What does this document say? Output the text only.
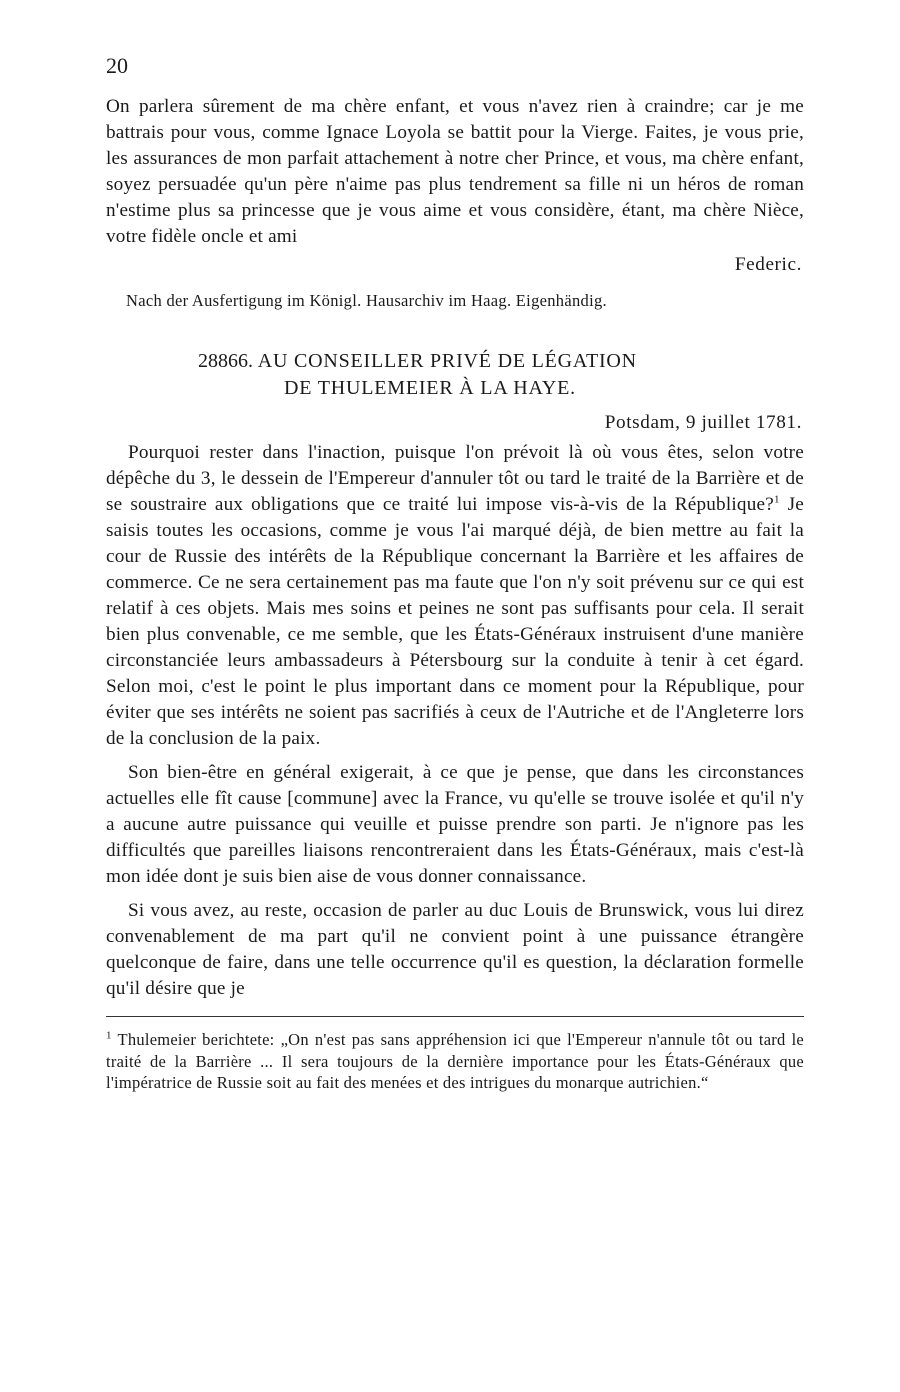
20

On parlera sûrement de ma chère enfant, et vous n'avez rien à craindre; car je me battrais pour vous, comme Ignace Loyola se battit pour la Vierge. Faites, je vous prie, les assurances de mon parfait attachement à notre cher Prince, et vous, ma chère enfant, soyez persuadée qu'un père n'aime pas plus tendrement sa fille ni un héros de roman n'estime plus sa princesse que je vous aime et vous considère, étant, ma chère Nièce, votre fidèle oncle et ami

Federic.
Nach der Ausfertigung im Königl. Hausarchiv im Haag. Eigenhändig.
28866. AU CONSEILLER PRIVÉ DE LÉGATION
DE THULEMEIER À LA HAYE.
Potsdam, 9 juillet 1781.

Pourquoi rester dans l'inaction, puisque l'on prévoit là où vous êtes, selon votre dépêche du 3, le dessein de l'Empereur d'annuler tôt ou tard le traité de la Barrière et de se soustraire aux obligations que ce traité lui impose vis-à-vis de la République?$^1$ Je saisis toutes les occasions, comme je vous l'ai marqué déjà, de bien mettre au fait la cour de Russie des intérêts de la République concernant la Barrière et les affaires de commerce. Ce ne sera certainement pas ma faute que l'on n'y soit prévenu sur ce qui est relatif à ces objets. Mais mes soins et peines ne sont pas suffisants pour cela. Il serait bien plus convenable, ce me semble, que les États-Généraux instruisent d'une manière circonstanciée leurs ambassadeurs à Pétersbourg sur la conduite à tenir à cet égard. Selon moi, c'est le point le plus important dans ce moment pour la République, pour éviter que ses intérêts ne soient pas sacrifiés à ceux de l'Autriche et de l'Angleterre lors de la conclusion de la paix.

Son bien-être en général exigerait, à ce que je pense, que dans les circonstances actuelles elle fît cause [commune] avec la France, vu qu'elle se trouve isolée et qu'il n'y a aucune autre puissance qui veuille et puisse prendre son parti. Je n'ignore pas les difficultés que pareilles liaisons rencontreraient dans les États-Généraux, mais c'est-là mon idée dont je suis bien aise de vous donner connaissance.

Si vous avez, au reste, occasion de parler au duc Louis de Brunswick, vous lui direz convenablement de ma part qu'il ne convient point à une puissance étrangère quelconque de faire, dans une telle occurrence qu'il es question, la déclaration formelle qu'il désire que je

$^1$ Thulemeier berichtete: „On n'est pas sans appréhension ici que l'Empereur n'annule tôt ou tard le traité de la Barrière ... Il sera toujours de la dernière importance pour les États-Généraux que l'impératrice de Russie soit au fait des menées et des intrigues du monarque autrichien.“
